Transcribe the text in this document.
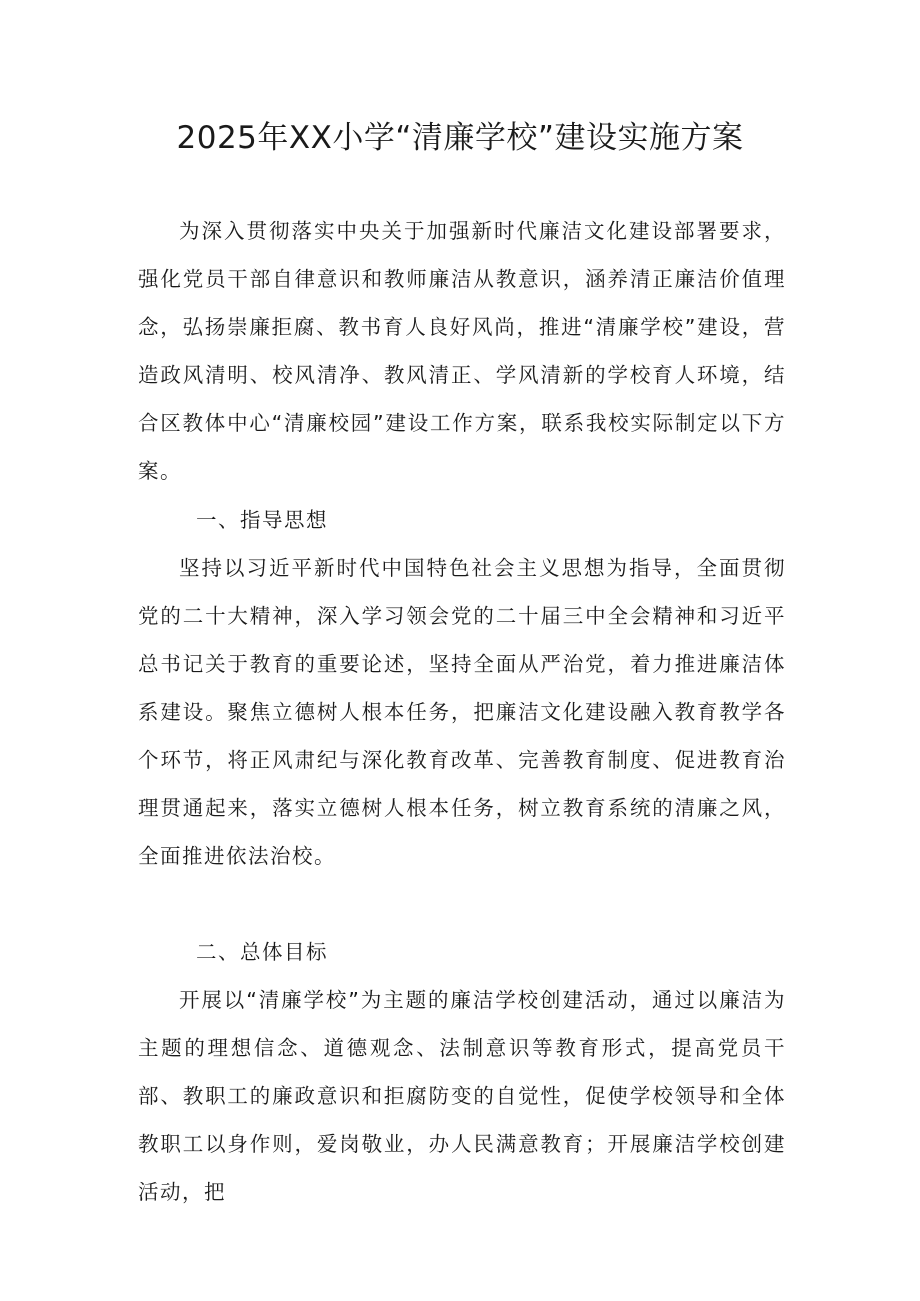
2025年XX小学“清廉学校”建设实施方案

为深入贯彻落实中央关于加强新时代廉洁文化建设部署要求，强化党员干部自律意识和教师廉洁从教意识，涵养清正廉洁价值理念，弘扬崇廉拒腐、教书育人良好风尚，推进“清廉学校”建设，营造政风清明、校风清净、教风清正、学风清新的学校育人环境，结合区教体中心“清廉校园”建设工作方案，联系我校实际制定以下方案。

一、指导思想

坚持以习近平新时代中国特色社会主义思想为指导，全面贯彻党的二十大精神，深入学习领会党的二十届三中全会精神和习近平总书记关于教育的重要论述，坚持全面从严治党，着力推进廉洁体系建设。聚焦立德树人根本任务，把廉洁文化建设融入教育教学各个环节，将正风肃纪与深化教育改革、完善教育制度、促进教育治理贯通起来，落实立德树人根本任务，树立教育系统的清廉之风，全面推进依法治校。

二、总体目标

开展以“清廉学校”为主题的廉洁学校创建活动，通过以廉洁为主题的理想信念、道德观念、法制意识等教育形式，提高党员干部、教职工的廉政意识和拒腐防变的自觉性，促使学校领导和全体教职工以身作则，爱岗敬业，办人民满意教育；开展廉洁学校创建活动，把
